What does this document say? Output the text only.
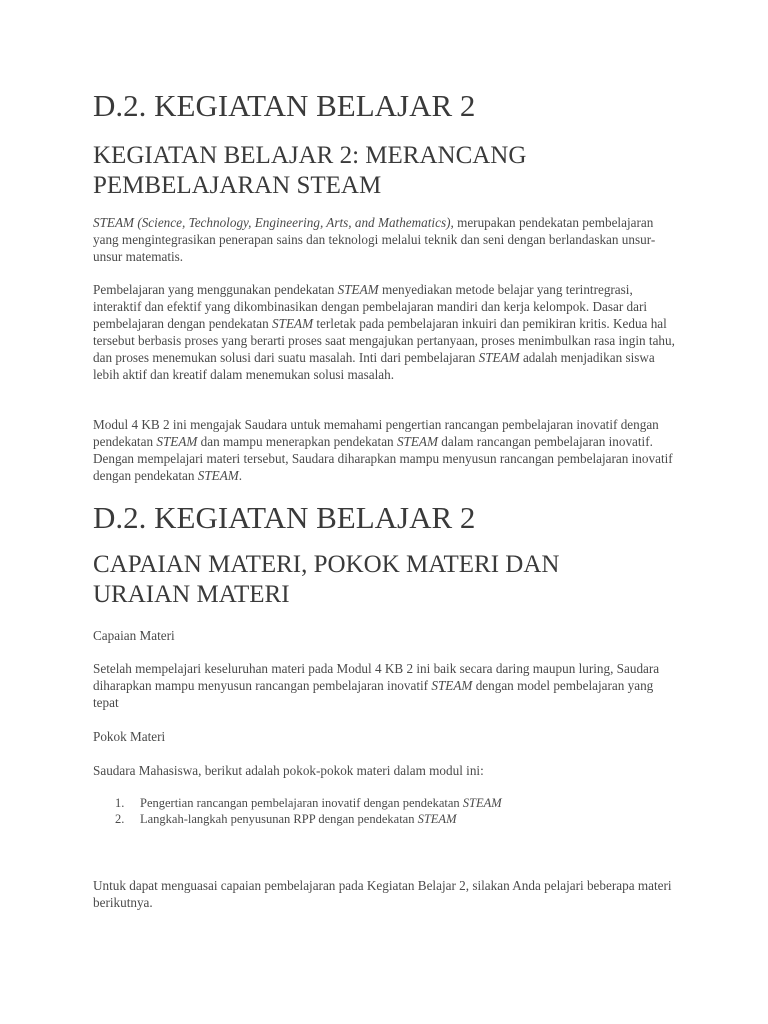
D.2. KEGIATAN BELAJAR 2
KEGIATAN BELAJAR 2: MERANCANG PEMBELAJARAN STEAM

STEAM (Science, Technology, Engineering, Arts, and Mathematics), merupakan pendekatan pembelajaran yang mengintegrasikan penerapan sains dan teknologi melalui teknik dan seni dengan berlandaskan unsur-unsur matematis.

Pembelajaran yang menggunakan pendekatan STEAM menyediakan metode belajar yang terintregrasi, interaktif dan efektif yang dikombinasikan dengan pembelajaran mandiri dan kerja kelompok. Dasar dari pembelajaran dengan pendekatan STEAM terletak pada pembelajaran inkuiri dan pemikiran kritis. Kedua hal tersebut berbasis proses yang berarti proses saat mengajukan pertanyaan, proses menimbulkan rasa ingin tahu, dan proses menemukan solusi dari suatu masalah. Inti dari pembelajaran STEAM adalah menjadikan siswa lebih aktif dan kreatif dalam menemukan solusi masalah.

Modul 4 KB 2 ini mengajak Saudara untuk memahami pengertian rancangan pembelajaran inovatif dengan pendekatan STEAM dan mampu menerapkan pendekatan STEAM dalam rancangan pembelajaran inovatif. Dengan mempelajari materi tersebut, Saudara diharapkan mampu menyusun rancangan pembelajaran inovatif dengan pendekatan STEAM.

D.2. KEGIATAN BELAJAR 2
CAPAIAN MATERI, POKOK MATERI DAN URAIAN MATERI

Capaian Materi

Setelah mempelajari keseluruhan materi pada Modul 4 KB 2 ini baik secara daring maupun luring, Saudara diharapkan mampu menyusun rancangan pembelajaran inovatif STEAM dengan model pembelajaran yang tepat

Pokok Materi

Saudara Mahasiswa, berikut adalah pokok-pokok materi dalam modul ini:

1. Pengertian rancangan pembelajaran inovatif dengan pendekatan STEAM
2. Langkah-langkah penyusunan RPP dengan pendekatan STEAM

Untuk dapat menguasai capaian pembelajaran pada Kegiatan Belajar 2, silakan Anda pelajari beberapa materi berikutnya.
